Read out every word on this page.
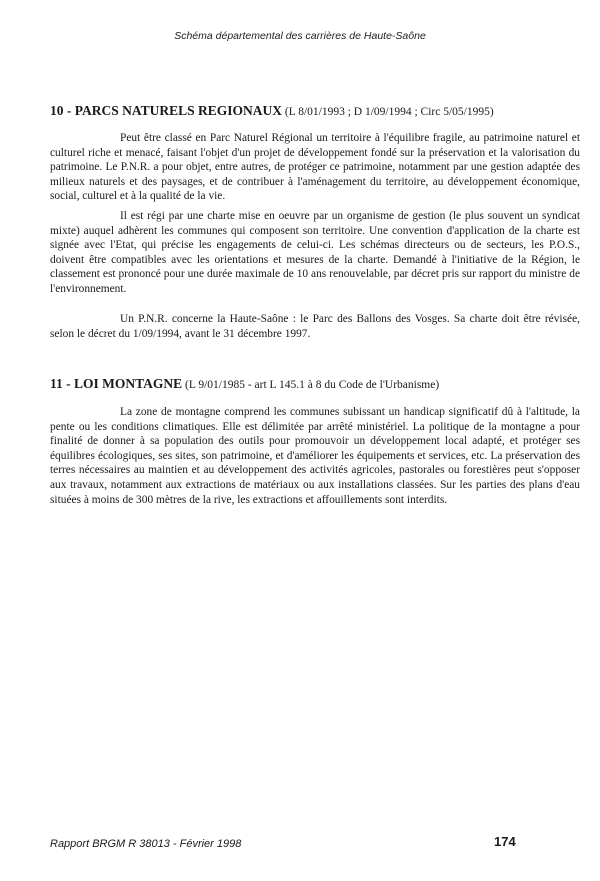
Schéma départemental des carrières de Haute-Saône
10 - PARCS NATURELS REGIONAUX (L 8/01/1993 ; D 1/09/1994 ; Circ 5/05/1995)

Peut être classé en Parc Naturel Régional un territoire à l'équilibre fragile, au patrimoine naturel et culturel riche et menacé, faisant l'objet d'un projet de développement fondé sur la préservation et la valorisation du patrimoine. Le P.N.R. a pour objet, entre autres, de protéger ce patrimoine, notamment par une gestion adaptée des milieux naturels et des paysages, et de contribuer à l'aménagement du territoire, au développement économique, social, culturel et à la qualité de la vie.

Il est régi par une charte mise en oeuvre par un organisme de gestion (le plus souvent un syndicat mixte) auquel adhèrent les communes qui composent son territoire. Une convention d'application de la charte est signée avec l'Etat, qui précise les engagements de celui-ci. Les schémas directeurs ou de secteurs, les P.O.S., doivent être compatibles avec les orientations et mesures de la charte. Demandé à l'initiative de la Région, le classement est prononcé pour une durée maximale de 10 ans renouvelable, par décret pris sur rapport du ministre de l'environnement.

Un P.N.R. concerne la Haute-Saône : le Parc des Ballons des Vosges. Sa charte doit être révisée, selon le décret du 1/09/1994, avant le 31 décembre 1997.

11 - LOI MONTAGNE (L 9/01/1985 - art L 145.1 à 8 du Code de l'Urbanisme)

La zone de montagne comprend les communes subissant un handicap significatif dû à l'altitude, la pente ou les conditions climatiques. Elle est délimitée par arrêté ministériel. La politique de la montagne a pour finalité de donner à sa population des outils pour promouvoir un développement local adapté, et protéger ses équilibres écologiques, ses sites, son patrimoine, et d'améliorer les équipements et services, etc. La préservation des terres nécessaires au maintien et au développement des activités agricoles, pastorales ou forestières peut s'opposer aux travaux, notamment aux extractions de matériaux ou aux installations classées. Sur les parties des plans d'eau situées à moins de 300 mètres de la rive, les extractions et affouillements sont interdits.

Rapport BRGM R 38013 - Février 1998	174
